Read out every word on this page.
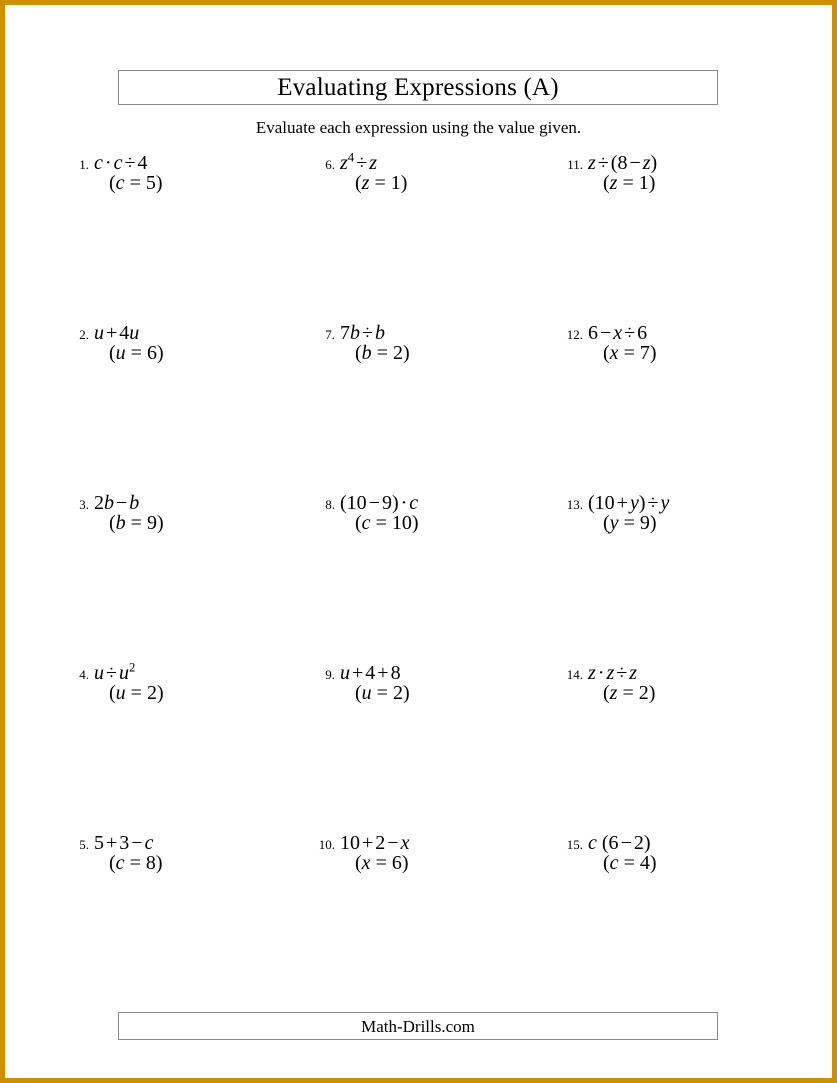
Evaluating Expressions (A)
Evaluate each expression using the value given.
1. c · c ÷ 4
(c = 5)
2. u + 4u
(u = 6)
3. 2b − b
(b = 9)
4. $u \div u^2$
(u = 2)
5. 5 + 3 − c
(c = 8)
6. $z^4 \div z$
(z = 1)
7. 7b ÷ b
(b = 2)
8. (10 − 9) · c
(c = 10)
9. u + 4 + 8
(u = 2)
10. 10 + 2 − x
(x = 6)
11. z ÷ (8 − z)
(z = 1)
12. 6 − x ÷ 6
(x = 7)
13. (10 + y) ÷ y
(y = 9)
14. z · z ÷ z
(z = 2)
15. c (6 − 2)
(c = 4)
Math-Drills.com
